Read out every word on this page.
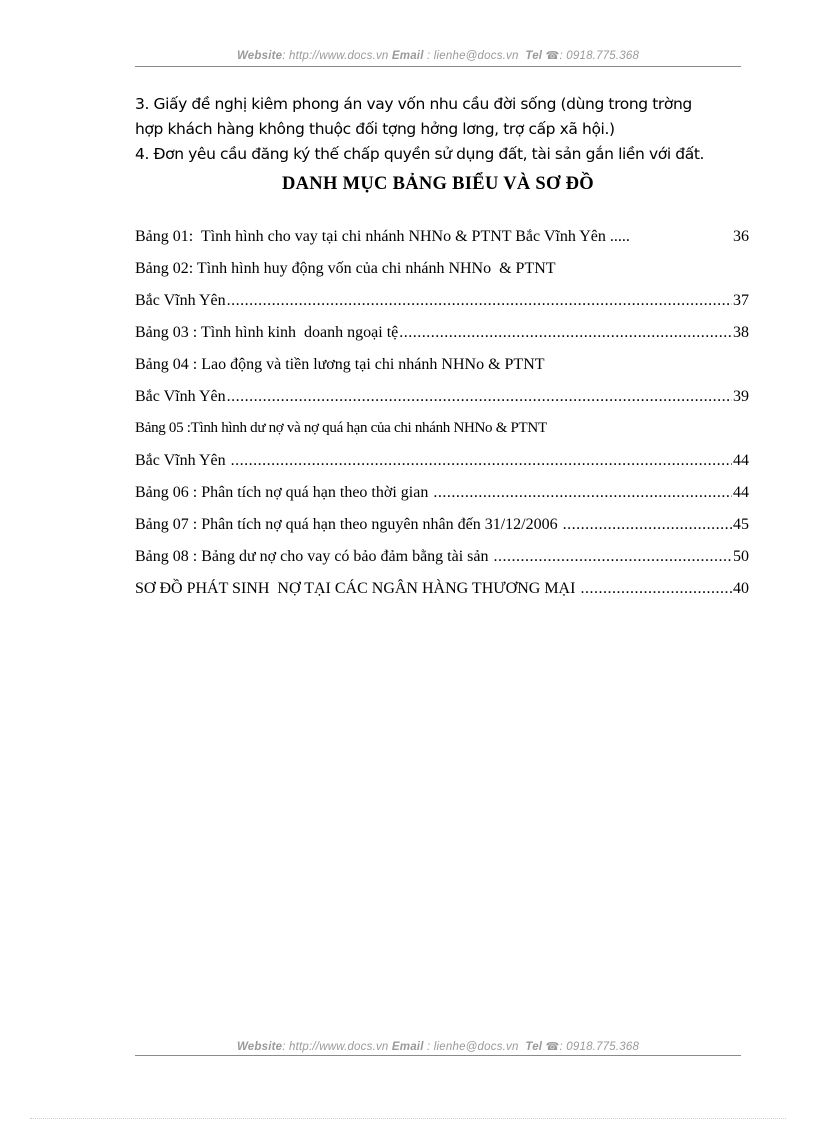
Website: http://www.docs.vn Email : lienhe@docs.vn Tel ☎: 0918.775.368
3. Giấy đề nghị kiêm phong án vay vốn nhu cầu đời sống (dùng trong trờng
hợp khách hàng không thuộc đối tợng hởng lơng, trợ cấp xã hội.)
4. Đơn yêu cầu đăng ký thế chấp quyền sử dụng đất, tài sản gắn liền với đất.
DANH MỤC BẢNG BIỂU VÀ SƠ ĐỒ
Bảng 01:  Tình hình cho vay tại chi nhánh NHNo & PTNT Bắc Vĩnh Yên .....	36
Bảng 02: Tình hình huy động vốn của chi nhánh NHNo  & PTNT
Bắc Vĩnh Yên .....	37
Bảng 03 : Tình hình kinh  doanh ngoại tệ .....	38
Bảng 04 : Lao động và tiền lương tại chi nhánh NHNo & PTNT
Bắc Vĩnh Yên .....	39
Bảng 05 :Tình hình dư nợ và nợ quá hạn của chi nhánh NHNo & PTNT
Bắc Vĩnh Yên .....	44
Bảng 06 : Phân tích nợ quá hạn theo thời gian .....	44
Bảng 07 : Phân tích nợ quá hạn theo nguyên nhân đến 31/12/2006 .....	45
Bảng 08 : Bảng dư nợ cho vay có bảo đảm bằng tài sản .....	50
SƠ ĐỒ PHÁT SINH  NỢ TẠI CÁC NGÂN HÀNG THƯƠNG MẠI .....	40
Website: http://www.docs.vn Email : lienhe@docs.vn Tel ☎: 0918.775.368
